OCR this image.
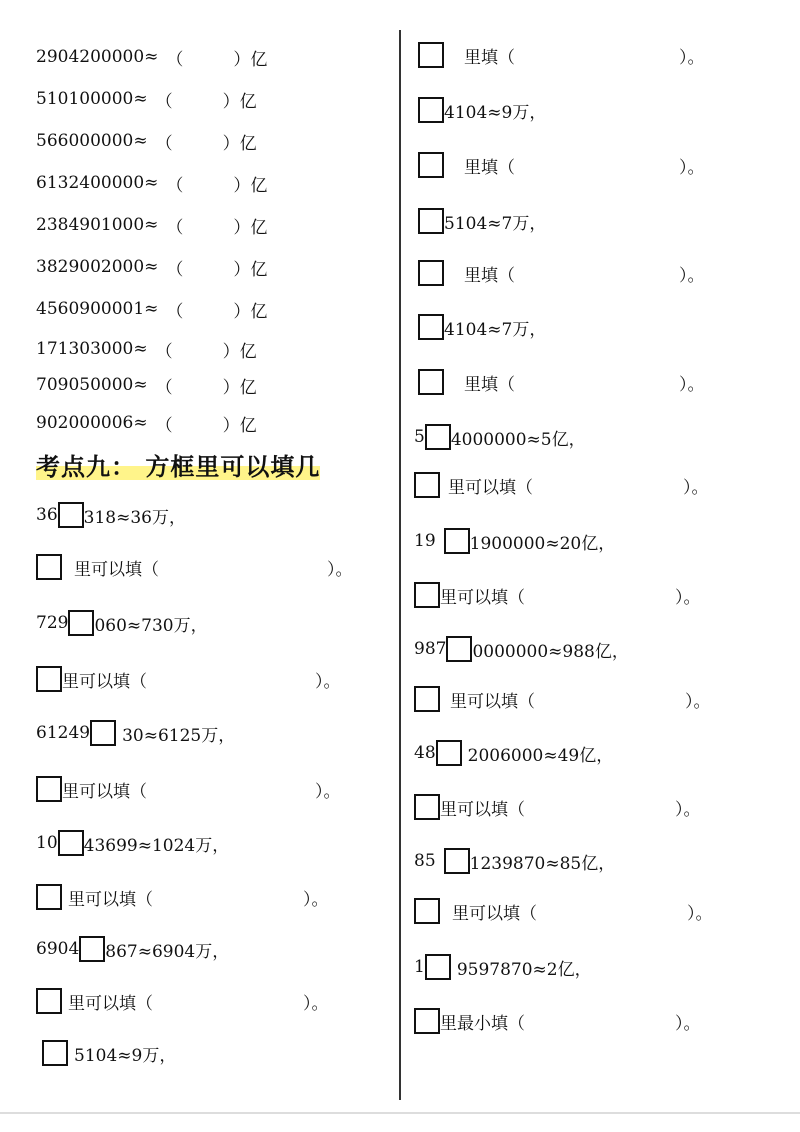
2904200000 ≈ （	） 亿
510100000 ≈ （	） 亿
566000000 ≈ （	） 亿
6132400000 ≈ （	） 亿
2384901000 ≈ （	） 亿
3829002000 ≈ （	） 亿
4560900001 ≈ （	） 亿
171303000 ≈ （	） 亿
709050000 ≈ （	） 亿
902000006 ≈ （	） 亿
考点九： 方框里可以填几
36 318≈36万，
里可以填（	）。
729 060≈730万，
里可以填（	）。
61249 30≈6125万，
里可以填（	）。
10 43699≈1024万，
里可以填（	）。
6904 867≈6904万，
里可以填（	）。
5104≈9万，
里填（	）。
4104≈9万，
里填（	）。
5104≈7万，
里填（	）。
4104≈7万，
里填（	）。
5 4000000≈5亿，
里可以填（	）。
19 1900000≈20亿，
里可以填（	）。
987 0000000≈988亿，
里可以填（	）。
48 2006000≈49亿，
里可以填（	）。
85 1239870≈85亿，
里可以填（	）。
1 9597870≈2亿，
里最小填（	）。
